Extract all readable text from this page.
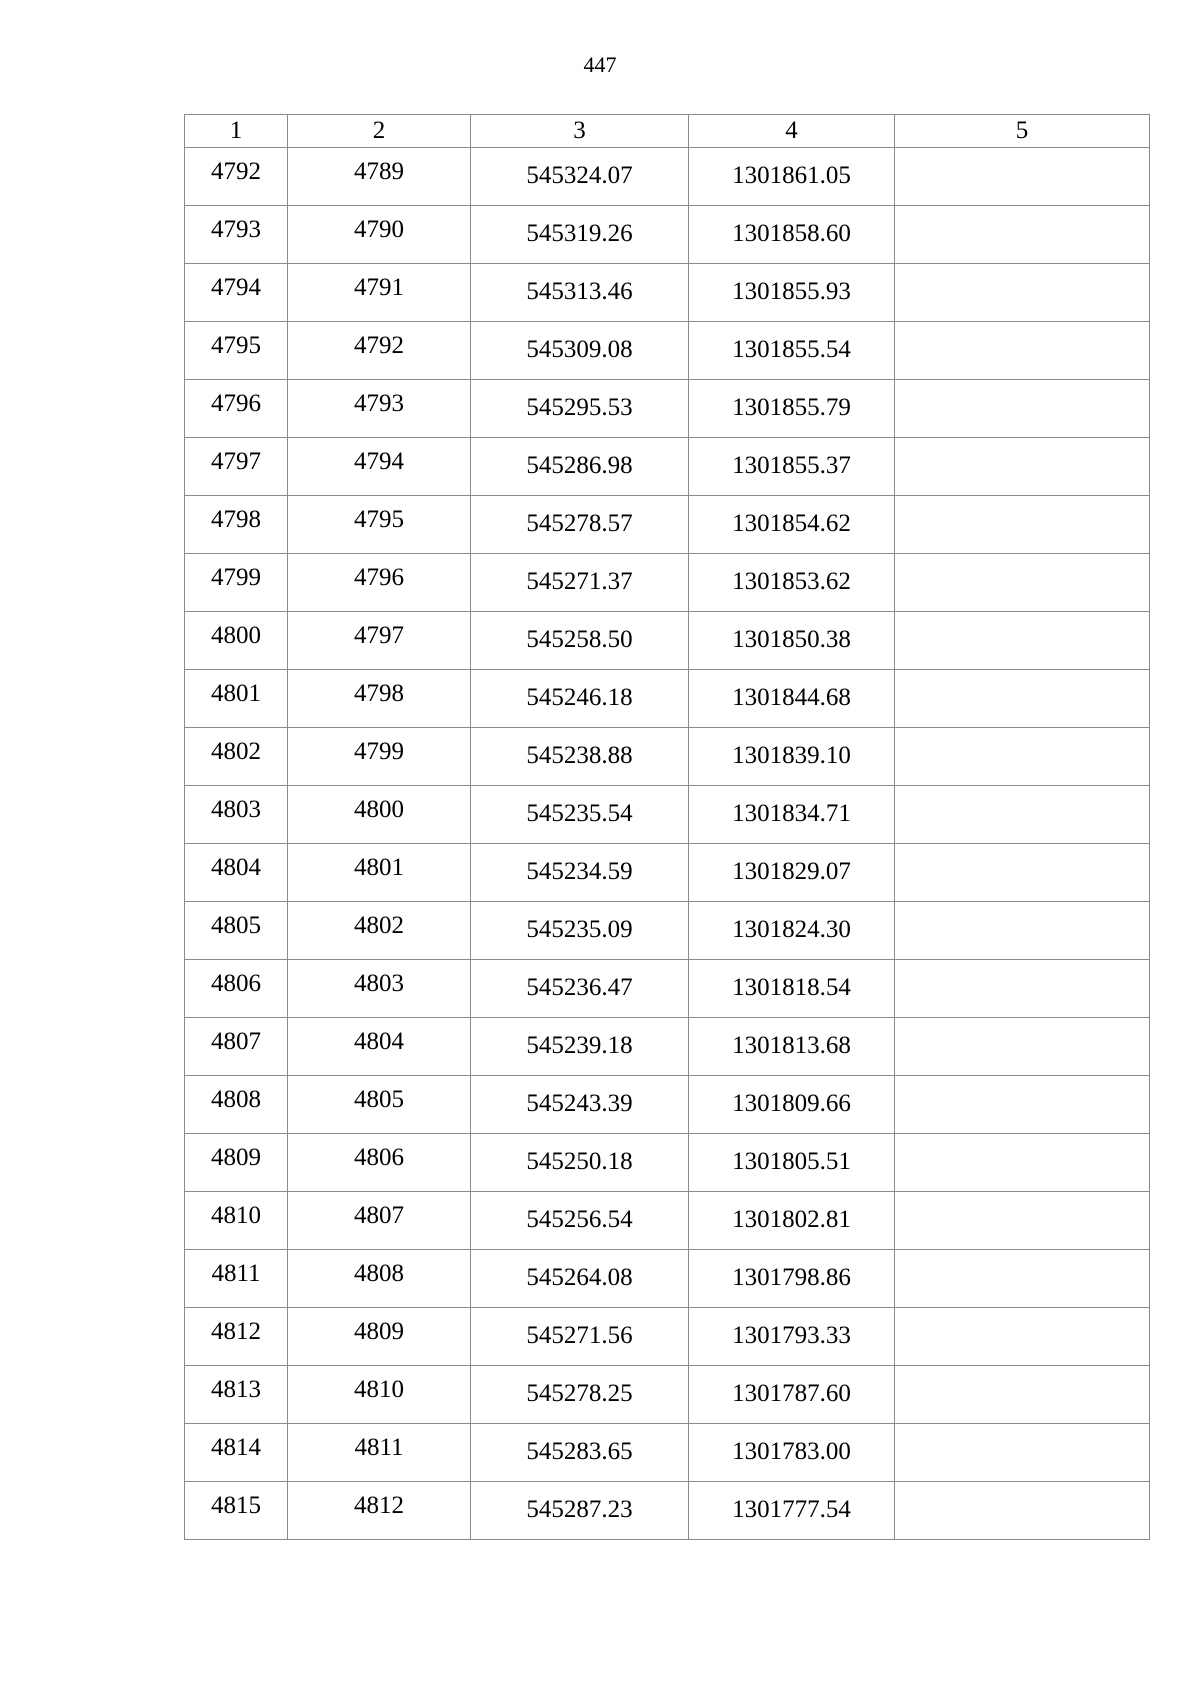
447
1	2	3	4	5
4792	4789	545324.07	1301861.05	
4793	4790	545319.26	1301858.60	
4794	4791	545313.46	1301855.93	
4795	4792	545309.08	1301855.54	
4796	4793	545295.53	1301855.79	
4797	4794	545286.98	1301855.37	
4798	4795	545278.57	1301854.62	
4799	4796	545271.37	1301853.62	
4800	4797	545258.50	1301850.38	
4801	4798	545246.18	1301844.68	
4802	4799	545238.88	1301839.10	
4803	4800	545235.54	1301834.71	
4804	4801	545234.59	1301829.07	
4805	4802	545235.09	1301824.30	
4806	4803	545236.47	1301818.54	
4807	4804	545239.18	1301813.68	
4808	4805	545243.39	1301809.66	
4809	4806	545250.18	1301805.51	
4810	4807	545256.54	1301802.81	
4811	4808	545264.08	1301798.86	
4812	4809	545271.56	1301793.33	
4813	4810	545278.25	1301787.60	
4814	4811	545283.65	1301783.00	
4815	4812	545287.23	1301777.54	
